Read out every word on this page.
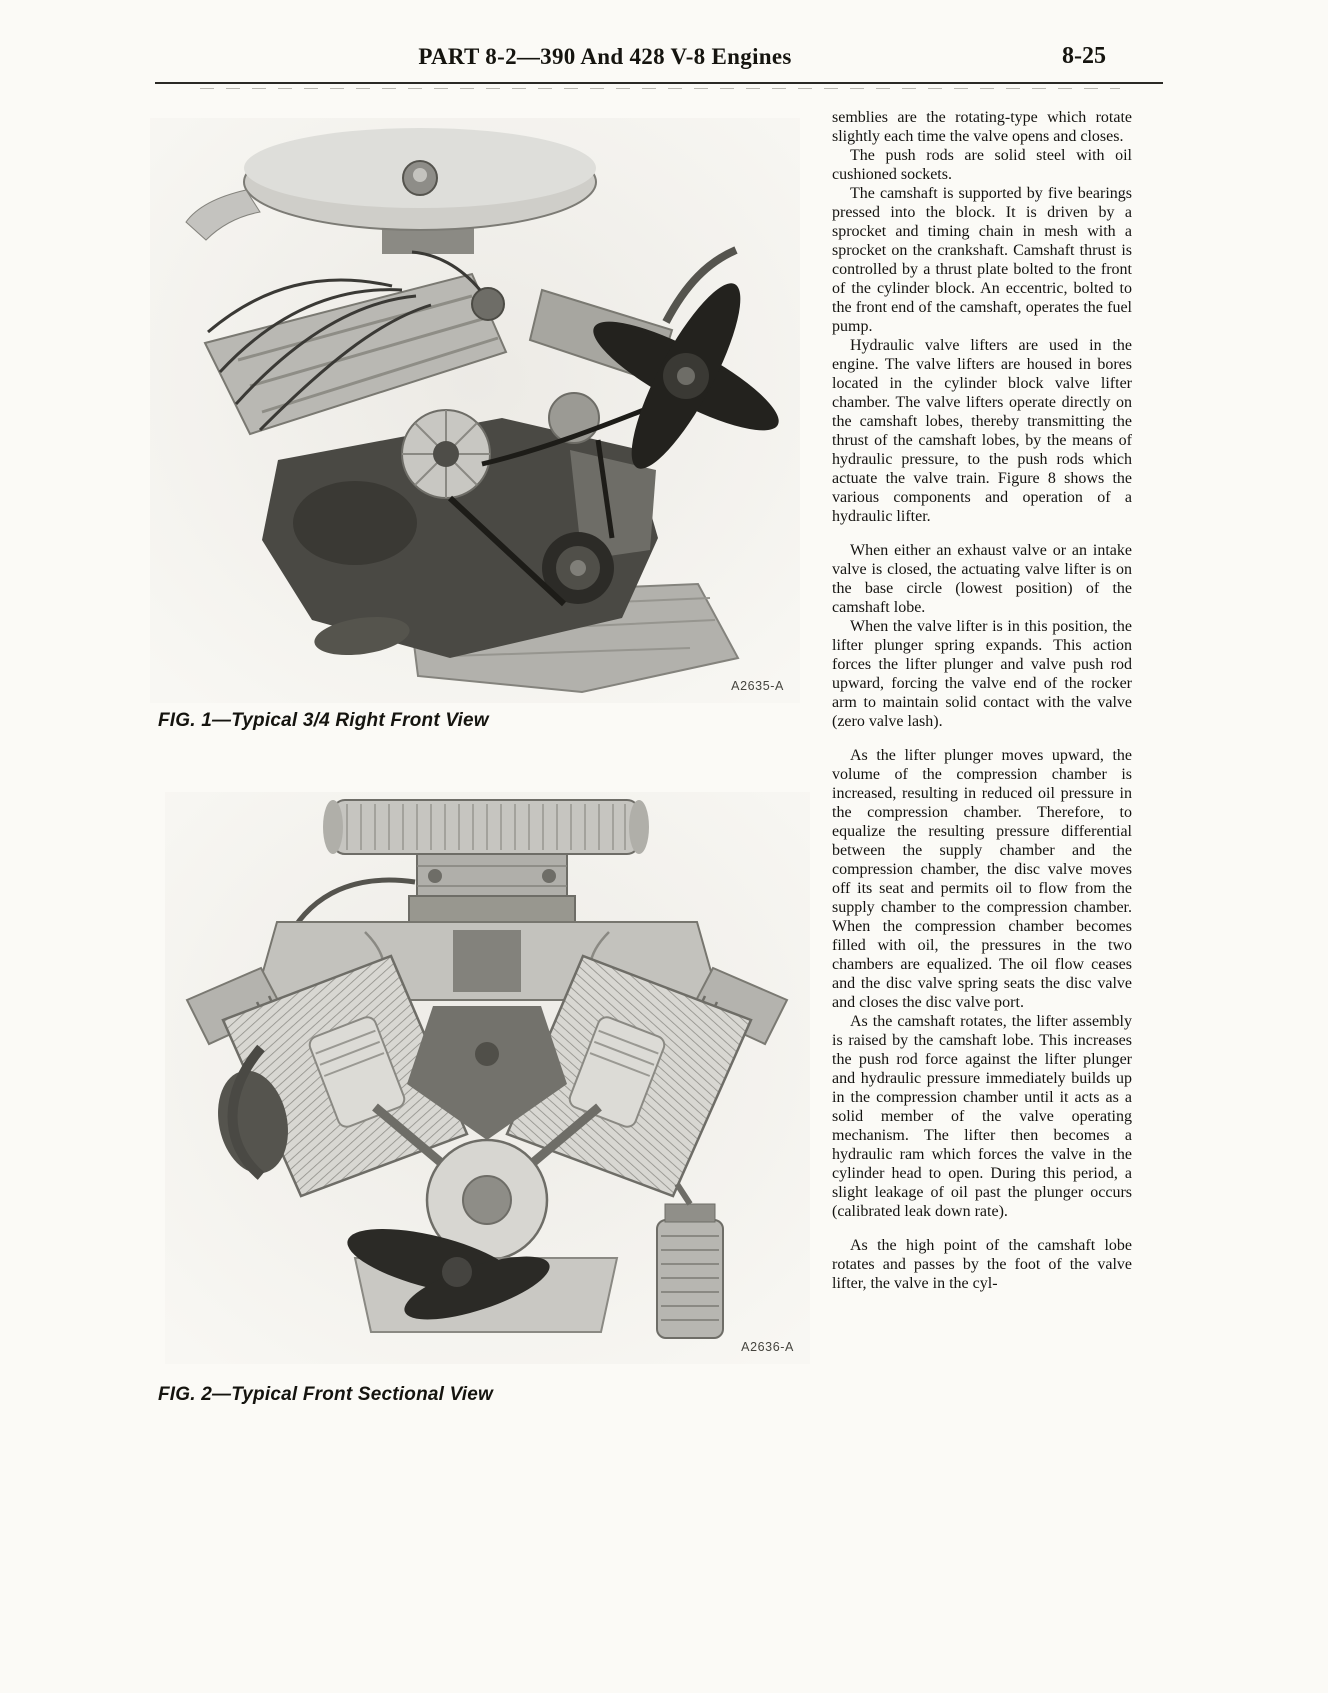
PART 8-2—390 And 428 V-8 Engines	8-25
A2635-A
FIG. 1—Typical 3/4 Right Front View
A2636-A
FIG. 2—Typical Front Sectional View

semblies are the rotating-type which rotate slightly each time the valve opens and closes.

The push rods are solid steel with oil cushioned sockets.

The camshaft is supported by five bearings pressed into the block. It is driven by a sprocket and timing chain in mesh with a sprocket on the crankshaft. Camshaft thrust is controlled by a thrust plate bolted to the front of the cylinder block. An eccentric, bolted to the front end of the camshaft, operates the fuel pump.

Hydraulic valve lifters are used in the engine. The valve lifters are housed in bores located in the cylinder block valve lifter chamber. The valve lifters operate directly on the camshaft lobes, thereby transmitting the thrust of the camshaft lobes, by the means of hydraulic pressure, to the push rods which actuate the valve train. Figure 8 shows the various components and operation of a hydraulic lifter.

When either an exhaust valve or an intake valve is closed, the actuating valve lifter is on the base circle (lowest position) of the camshaft lobe.

When the valve lifter is in this position, the lifter plunger spring expands. This action forces the lifter plunger and valve push rod upward, forcing the valve end of the rocker arm to maintain solid contact with the valve (zero valve lash).

As the lifter plunger moves upward, the volume of the compression chamber is increased, resulting in reduced oil pressure in the compression chamber. Therefore, to equalize the resulting pressure differential between the supply chamber and the compression chamber, the disc valve moves off its seat and permits oil to flow from the supply chamber to the compression chamber. When the compression chamber becomes filled with oil, the pressures in the two chambers are equalized. The oil flow ceases and the disc valve spring seats the disc valve and closes the disc valve port.

As the camshaft rotates, the lifter assembly is raised by the camshaft lobe. This increases the push rod force against the lifter plunger and hydraulic pressure immediately builds up in the compression chamber until it acts as a solid member of the valve operating mechanism. The lifter then becomes a hydraulic ram which forces the valve in the cylinder head to open. During this period, a slight leakage of oil past the plunger occurs (calibrated leak down rate).

As the high point of the camshaft lobe rotates and passes by the foot of the valve lifter, the valve in the cyl-
